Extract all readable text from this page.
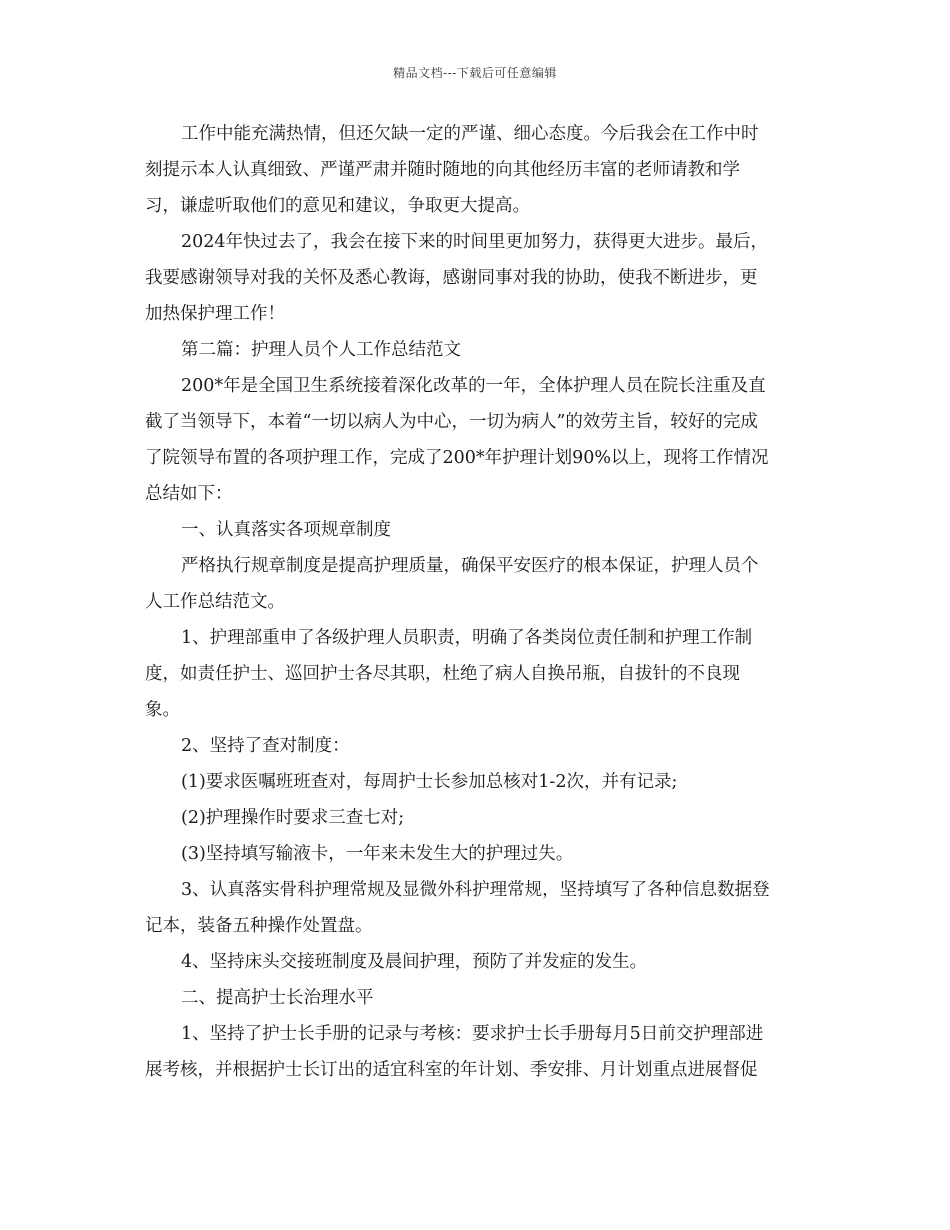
精品文档---下载后可任意编辑
工作中能充满热情，但还欠缺一定的严谨、细心态度。今后我会在工作中时
刻提示本人认真细致、严谨严肃并随时随地的向其他经历丰富的老师请教和学
习，谦虚听取他们的意见和建议，争取更大提高。
2024年快过去了，我会在接下来的时间里更加努力，获得更大进步。最后，
我要感谢领导对我的关怀及悉心教诲，感谢同事对我的协助，使我不断进步，更
加热保护理工作！
第二篇：护理人员个人工作总结范文
200*年是全国卫生系统接着深化改革的一年，全体护理人员在院长注重及直
截了当领导下，本着“一切以病人为中心，一切为病人”的效劳主旨，较好的完成
了院领导布置的各项护理工作，完成了200*年护理计划90%以上，现将工作情况
总结如下：
一、认真落实各项规章制度
严格执行规章制度是提高护理质量，确保平安医疗的根本保证，护理人员个
人工作总结范文。
1、护理部重申了各级护理人员职责，明确了各类岗位责任制和护理工作制
度，如责任护士、巡回护士各尽其职，杜绝了病人自换吊瓶，自拔针的不良现
象。
2、坚持了查对制度：
(1)要求医嘱班班查对，每周护士长参加总核对1-2次，并有记录;
(2)护理操作时要求三查七对;
(3)坚持填写输液卡，一年来未发生大的护理过失。
3、认真落实骨科护理常规及显微外科护理常规，坚持填写了各种信息数据登
记本，装备五种操作处置盘。
4、坚持床头交接班制度及晨间护理，预防了并发症的发生。
二、提高护士长治理水平
1、坚持了护士长手册的记录与考核：要求护士长手册每月5日前交护理部进
展考核，并根据护士长订出的适宜科室的年计划、季安排、月计划重点进展督促
